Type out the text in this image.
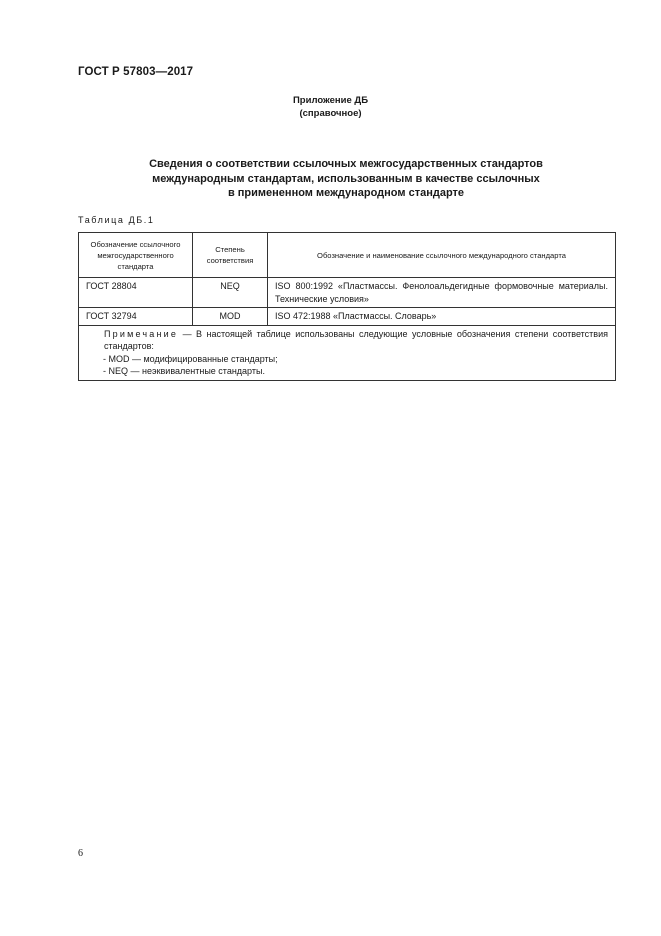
ГОСТ Р 57803—2017
Приложение ДБ
(справочное)
Сведения о соответствии ссылочных межгосударственных стандартов
международным стандартам, использованным в качестве ссылочных
в примененном международном стандарте
Таблица ДБ.1
Обозначение ссылочного межгосударственного стандарта	Степень соответствия	Обозначение и наименование ссылочного международного стандарта
ГОСТ 28804	NEQ	ISO 800:1992 «Пластмассы. Фенолоальдегидные формовочные материалы. Технические условия»
ГОСТ 32794	MOD	ISO 472:1988 «Пластмассы. Словарь»

Примечание — В настоящей таблице использованы следующие условные обозначения степени соответствия стандартов:
- MOD — модифицированные стандарты;
- NEQ — неэквивалентные стандарты.		
6
